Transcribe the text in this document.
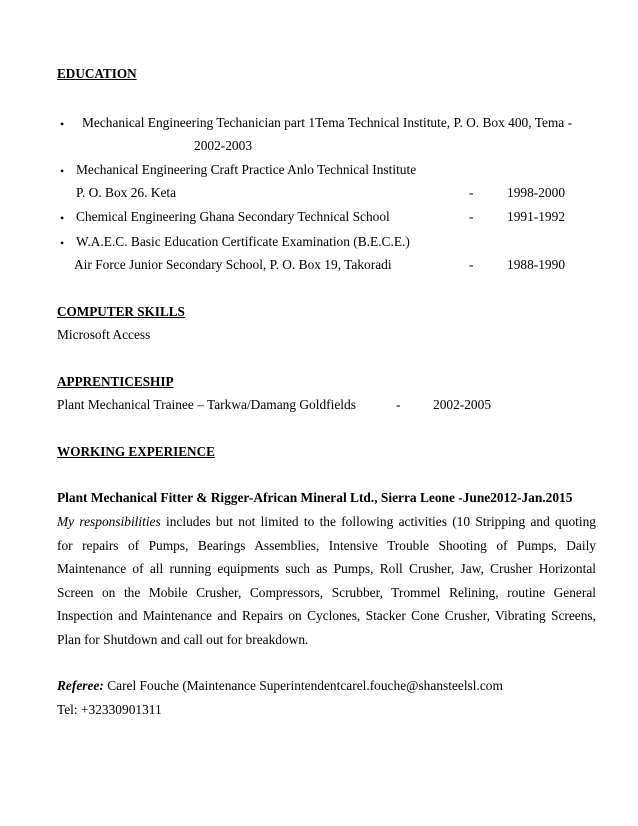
EDUCATION
• Mechanical Engineering Techanician part 1Tema Technical Institute, P. O. Box 400, Tema -
2002-2003
• Mechanical Engineering Craft Practice Anlo Technical Institute
P. O. Box 26. Keta	-	1998-2000
• Chemical Engineering Ghana Secondary Technical School	-	1991-1992
• W.A.E.C. Basic Education Certificate Examination (B.E.C.E.)
Air Force Junior Secondary School, P. O. Box 19, Takoradi	-	1988-1990
COMPUTER SKILLS
Microsoft Access
APPRENTICESHIP
Plant Mechanical Trainee – Tarkwa/Damang Goldfields	- 2002-2005
WORKING EXPERIENCE
Plant Mechanical Fitter & Rigger-African Mineral Ltd., Sierra Leone -June2012-Jan.2015
My responsibilities includes but not limited to the following activities (10 Stripping and quoting
for repairs of Pumps, Bearings Assemblies, Intensive Trouble Shooting of Pumps, Daily
Maintenance of all running equipments such as Pumps, Roll Crusher, Jaw, Crusher Horizontal
Screen on the Mobile Crusher, Compressors, Scrubber, Trommel Relining, routine General
Inspection and Maintenance and Repairs on Cyclones, Stacker Cone Crusher, Vibrating Screens,
Plan for Shutdown and call out for breakdown.
Referee: Carel Fouche (Maintenance Superintendentcarel.fouche@shansteelsl.com
Tel: +32330901311
